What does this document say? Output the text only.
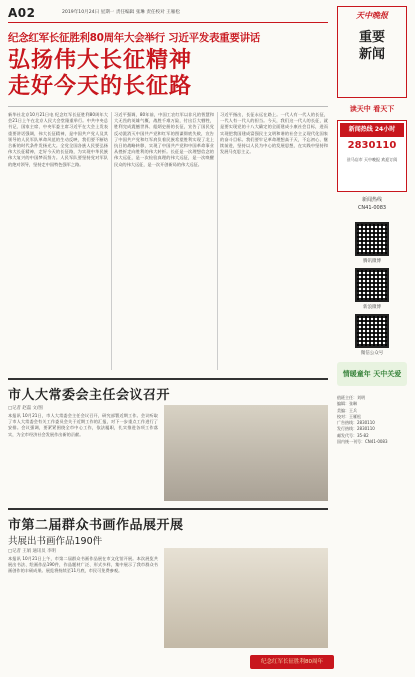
A02	2019年10月24日 星期一 责任编辑 张琳 责任校对 王雁松	天中晚报
重要
新闻
纪念红军长征胜利80周年大会举行 习近平发表重要讲话
弘扬伟大长征精神
走好今天的长征路
新华社北京10月21日电 纪念红军长征胜利80周年大会21日上午在北京人民大会堂隆重举行。中共中央总书记、国家主席、中央军委主席习近平在大会上发表重要讲话强调，伟大长征精神，是中国共产党人及其领导的人民军队革命风范的生动反映，我们要不断结合新的时代条件发扬光大。全党全国各族人民要弘扬伟大长征精神，走好今天的长征路，为实现中华民族伟大复兴的中国梦而努力。人民军队要坚持党对军队的绝对领导，坚持走中国特色强军之路。
习近平强调，80年前，中国工农红军以非凡的智慧和大无畏的英雄气概，战胜千难万险，付出巨大牺牲，胜利完成震撼世界、彪炳史册的长征，宣告了国民党反动派消灭中国共产党和红军的图谋彻底失败，宣告了中国共产党和红军肩负着民族希望胜利实现了北上抗日的战略转移，实现了中国共产党和中国革命事业从挫折走向胜利的伟大转折。长征是一次理想信念的伟大远征，是一次检验真理的伟大远征，是一次唤醒民众的伟大远征，是一次开创新局的伟大远征。
习近平指出，长征永远在路上。一代人有一代人的长征，一代人有一代人的担当。今天，我们这一代人的长征，就是要实现党的十八大确定的全面建成小康社会目标，进而实现把我国建成富强民主文明和谐的社会主义现代化国家的奋斗目标。我们要牢记革命理想高于天，不忘初心、继续前进，坚持以人民为中心的发展思想，在实践中坚持和发展马克思主义。
读天中 看天下
新闻热线 24小时
2830110
驻马店市 天中晚报 欢迎订阅
新闻热线
CN41-0083
腾讯微博
新浪微博
微信公众号
情暖童年 天中关爱
值班主任：刘明
编辑：张琳
美编：王兵
校对：王雁松
广告热线：2830110
发行热线：2830110
邮发代号：35-82
国内统一刊号：CN41-0083
市人大常委会主任会议召开
□记者 赵磊 文/图
本报讯 10月21日，市人大常委会主任会议召开，研究部署近期工作。会议听取了市人大常委会有关工作委员会关于近期工作的汇报，对下一步重点工作进行了安排。会议强调，要紧紧围绕全市中心工作，依法履职，扎实推进各项工作落实，为全市经济社会发展作出新的贡献。
市第二届群众书画作品展开展
共展出书画作品190件
□记者 王娟 通讯员 李明
本报讯 10月21日上午，市第二届群众书画作品展在市文化馆开展。本次展览共展出书法、绘画作品190件，作品题材广泛、形式多样，集中展示了我市群众书画创作的丰硕成果。展览将持续至11月底，市民可免费参观。
纪念红军长征胜利80周年
